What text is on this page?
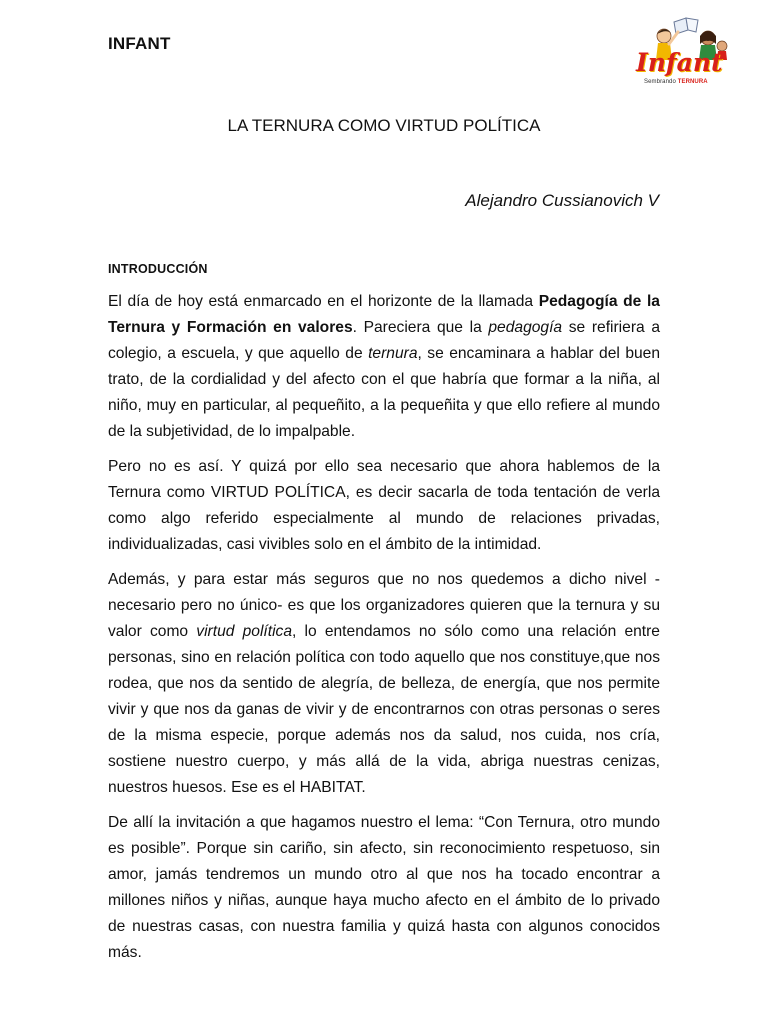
INFANT
Infant
Sembrando TERNURA
LA TERNURA COMO VIRTUD POLÍTICA
Alejandro Cussianovich V
INTRODUCCIÓN

El día de hoy está enmarcado en el horizonte de la llamada Pedagogía de la Ternura y Formación en valores. Pareciera que la pedagogía se refiriera a colegio, a escuela, y que aquello de ternura, se encaminara a hablar del buen trato, de la cordialidad y del afecto con el que habría que formar a la niña, al niño, muy en particular, al pequeñito, a la pequeñita y que ello refiere al mundo de la subjetividad, de lo impalpable.

Pero no es así. Y quizá por ello sea necesario que ahora hablemos de la Ternura como VIRTUD POLÍTICA, es decir sacarla de toda tentación de verla como algo referido especialmente al mundo de relaciones privadas, individualizadas, casi vivibles solo en el ámbito de la intimidad.

Además, y para estar más seguros que no nos quedemos a dicho nivel - necesario pero no único- es que los organizadores quieren que la ternura y su valor como virtud política, lo entendamos no sólo como una relación entre personas, sino en relación política con todo aquello que nos constituye,que nos rodea, que nos da sentido de alegría, de belleza, de energía, que nos permite vivir y que nos da ganas de vivir y de encontrarnos con otras personas o seres de la misma especie, porque además nos da salud, nos cuida, nos cría, sostiene nuestro cuerpo, y más allá de la vida, abriga nuestras cenizas, nuestros huesos. Ese es el HABITAT.

De allí la invitación a que hagamos nuestro el lema: “Con Ternura, otro mundo es posible”. Porque sin cariño, sin afecto, sin reconocimiento respetuoso, sin amor, jamás tendremos un mundo otro al que nos ha tocado encontrar a millones niños y niñas, aunque haya mucho afecto en el ámbito de lo privado de nuestras casas, con nuestra familia y quizá hasta con algunos conocidos más.
